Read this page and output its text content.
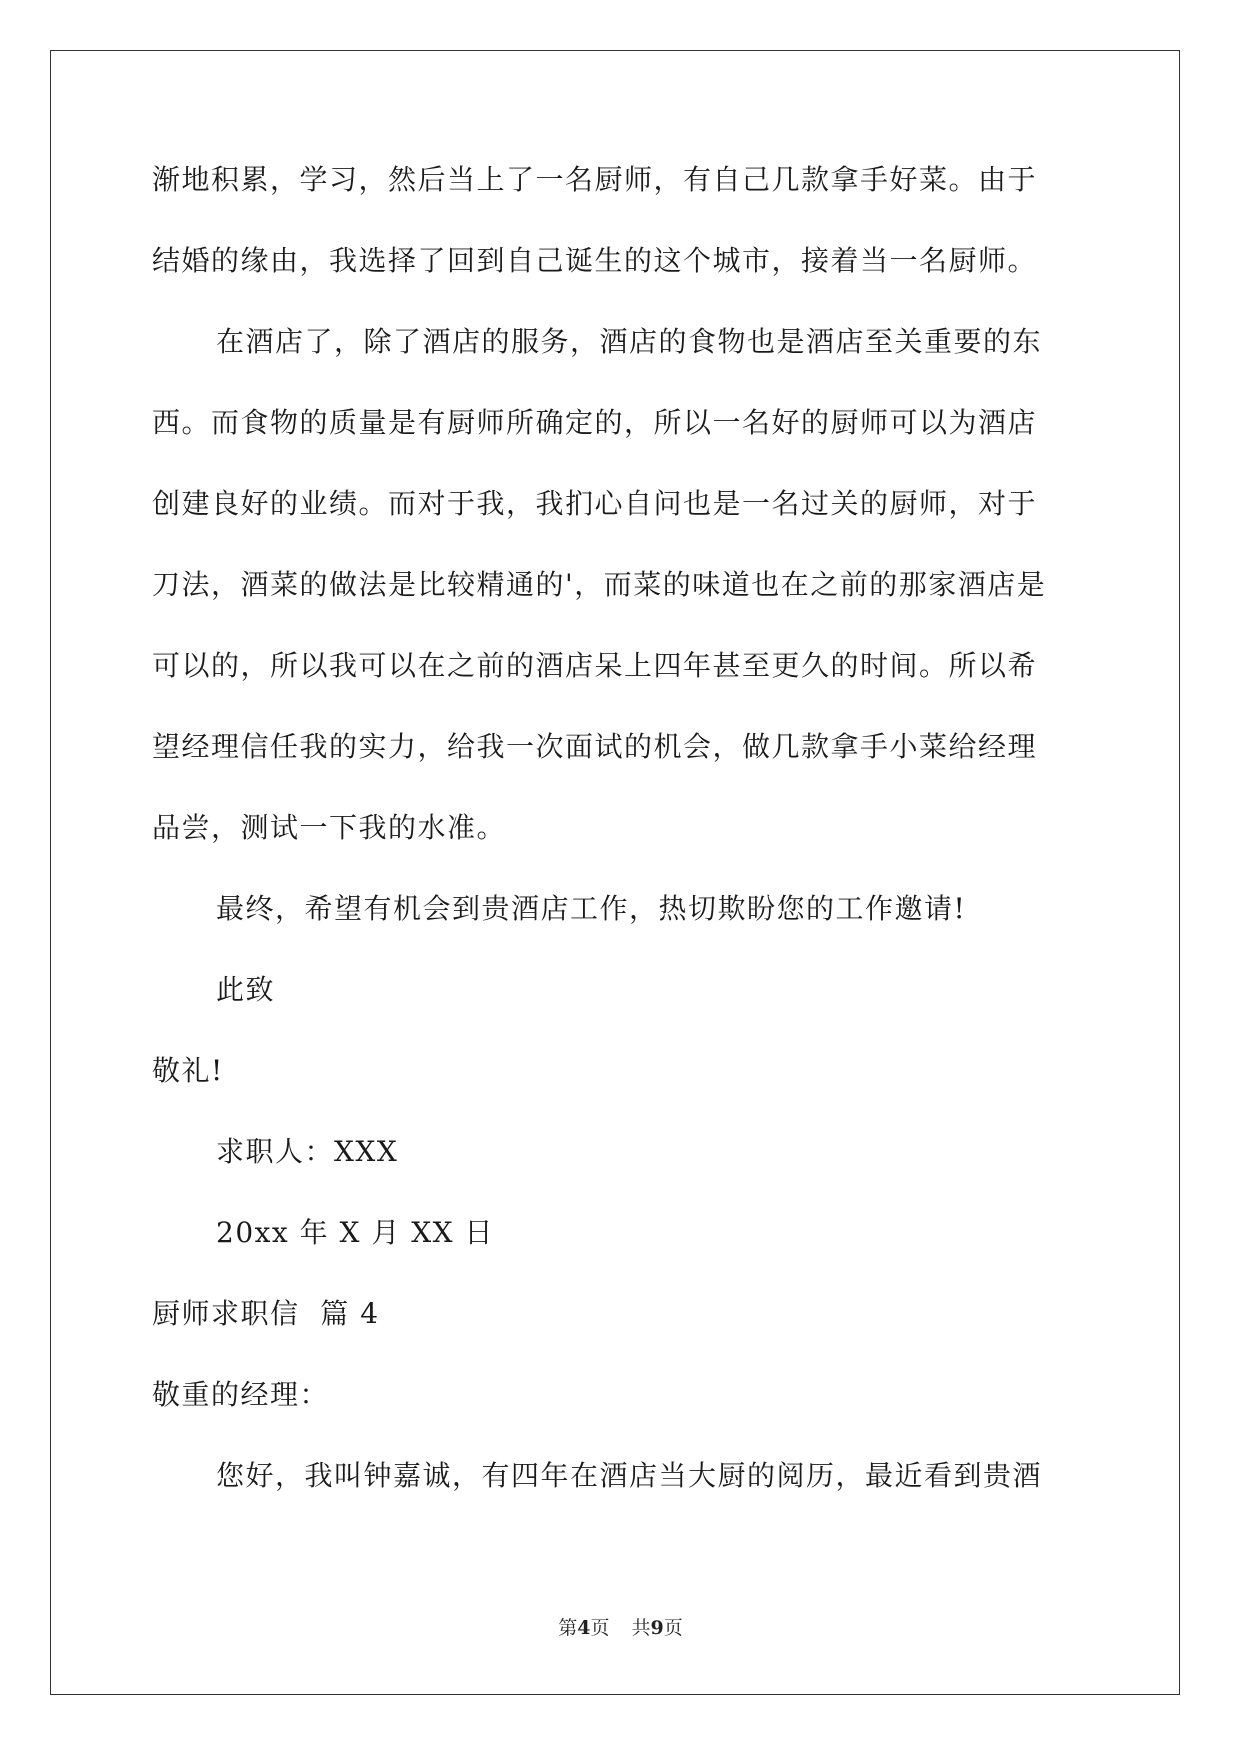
渐地积累，学习，然后当上了一名厨师，有自己几款拿手好菜。由于
结婚的缘由，我选择了回到自己诞生的这个城市，接着当一名厨师。
在酒店了，除了酒店的服务，酒店的食物也是酒店至关重要的东
西。而食物的质量是有厨师所确定的，所以一名好的厨师可以为酒店
创建良好的业绩。而对于我，我扪心自问也是一名过关的厨师，对于
刀法，酒菜的做法是比较精通的'，而菜的味道也在之前的那家酒店是
可以的，所以我可以在之前的酒店呆上四年甚至更久的时间。所以希
望经理信任我的实力，给我一次面试的机会，做几款拿手小菜给经理
品尝，测试一下我的水准。
最终，希望有机会到贵酒店工作，热切欺盼您的工作邀请!
此致
敬礼!
求职人：XXX
20xx 年 X 月 XX 日
厨师求职信  篇 4
敬重的经理：
您好，我叫钟嘉诚，有四年在酒店当大厨的阅历，最近看到贵酒
第4页 共9页
